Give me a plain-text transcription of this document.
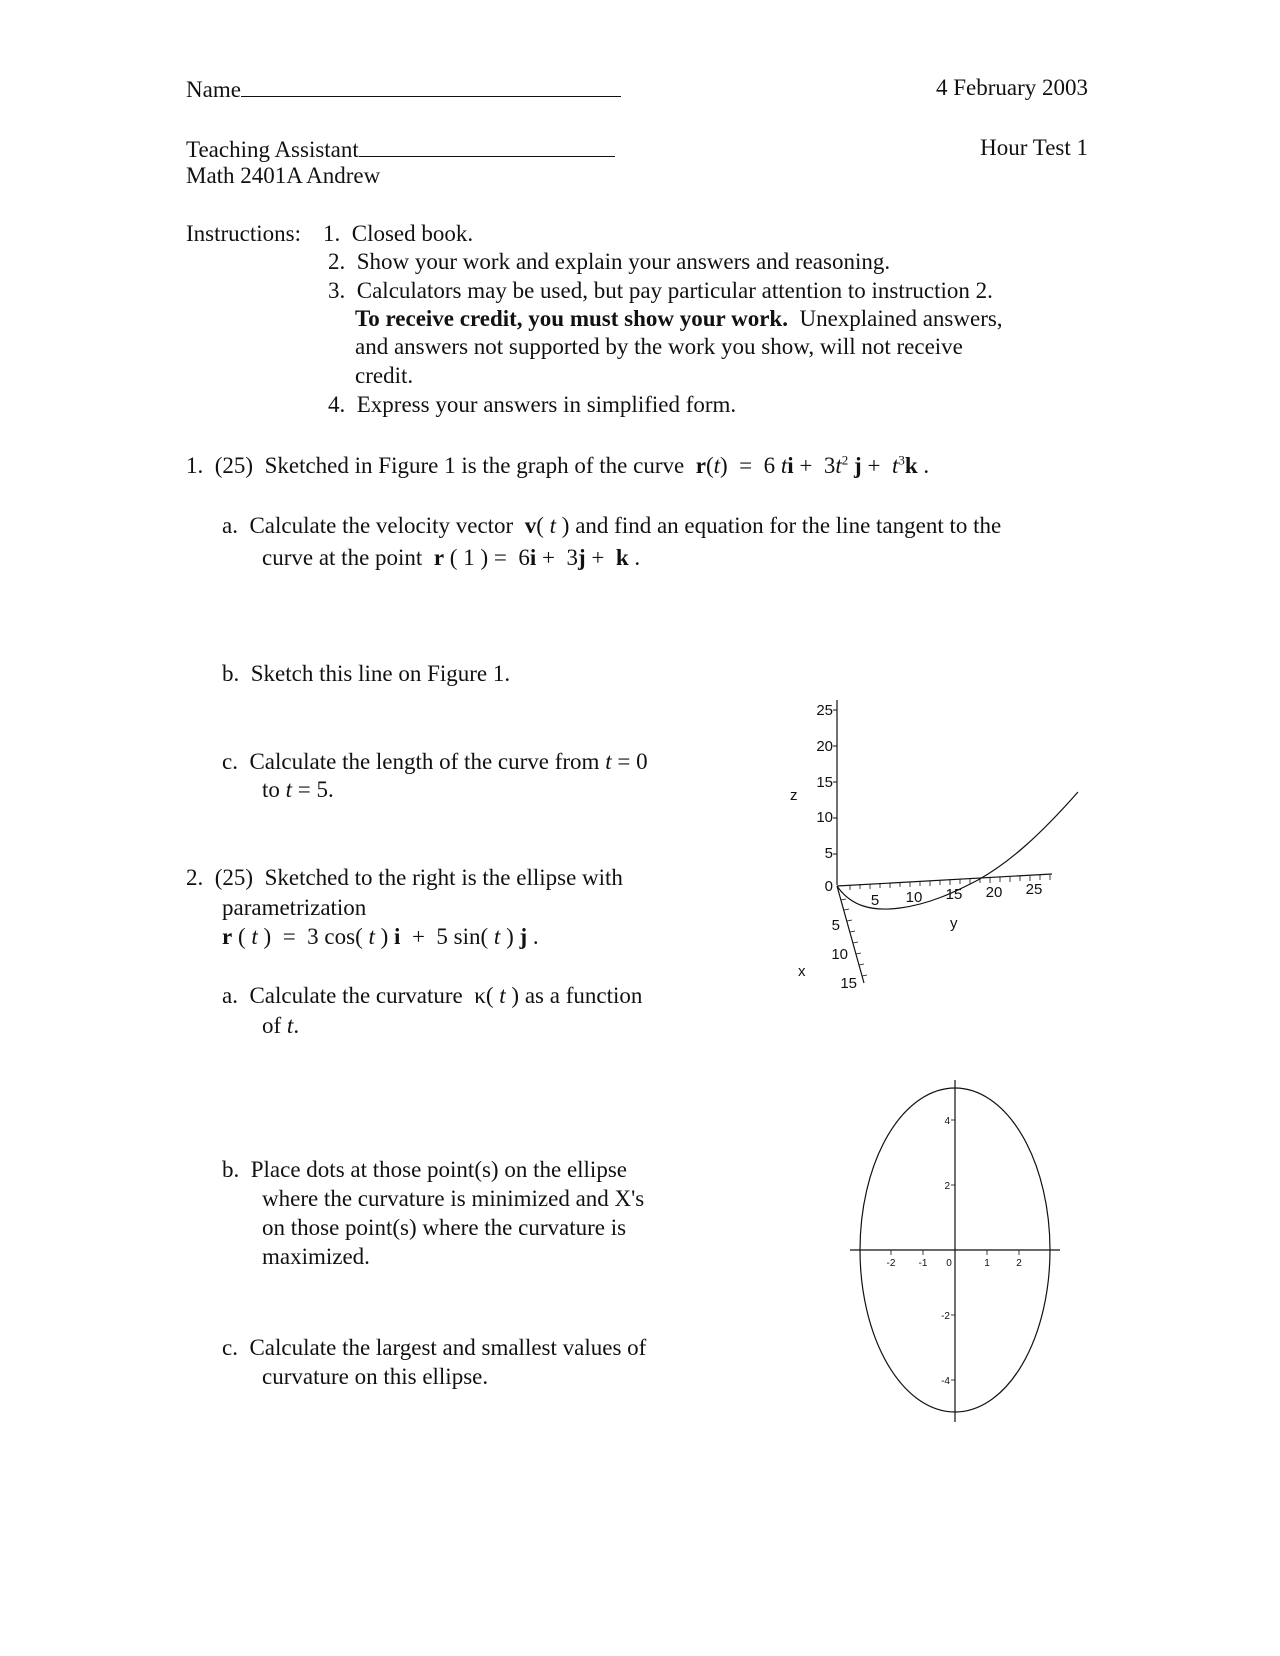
Name	4 February 2003
Teaching Assistant	Hour Test 1
Math 2401A Andrew
Instructions: 1. Closed book.
2. Show your work and explain your answers and reasoning.
3. Calculators may be used, but pay particular attention to instruction 2.
To receive credit, you must show your work. Unexplained answers,
and answers not supported by the work you show, will not receive
credit.
4. Express your answers in simplified form.
1. (25) Sketched in Figure 1 is the graph of the curve r(t)  =  6 ti +  $3t^2$ $j + t^3k$ .
a. Calculate the velocity vector v( t ) and find an equation for the line tangent to the
curve at the point r ( 1 ) =  6i +  3j +  k .
b. Sketch this line on Figure 1.
c. Calculate the length of the curve from t = 0
to t = 5.
2. (25) Sketched to the right is the ellipse with
parametrization
r ( t )  =  3 cos( t ) i  +  5 sin( t ) j .
a. Calculate the curvature κ( t ) as a function
of t.
b. Place dots at those point(s) on the ellipse
where the curvature is minimized and X's
on those point(s) where the curvature is
maximized.
c. Calculate the largest and smallest values of
curvature on this ellipse.
25
20
15
10
5
0
z
5 10 15 20 25
y
5
10
15
x
-2 -1 0	1	2
4
2
-2
-4
